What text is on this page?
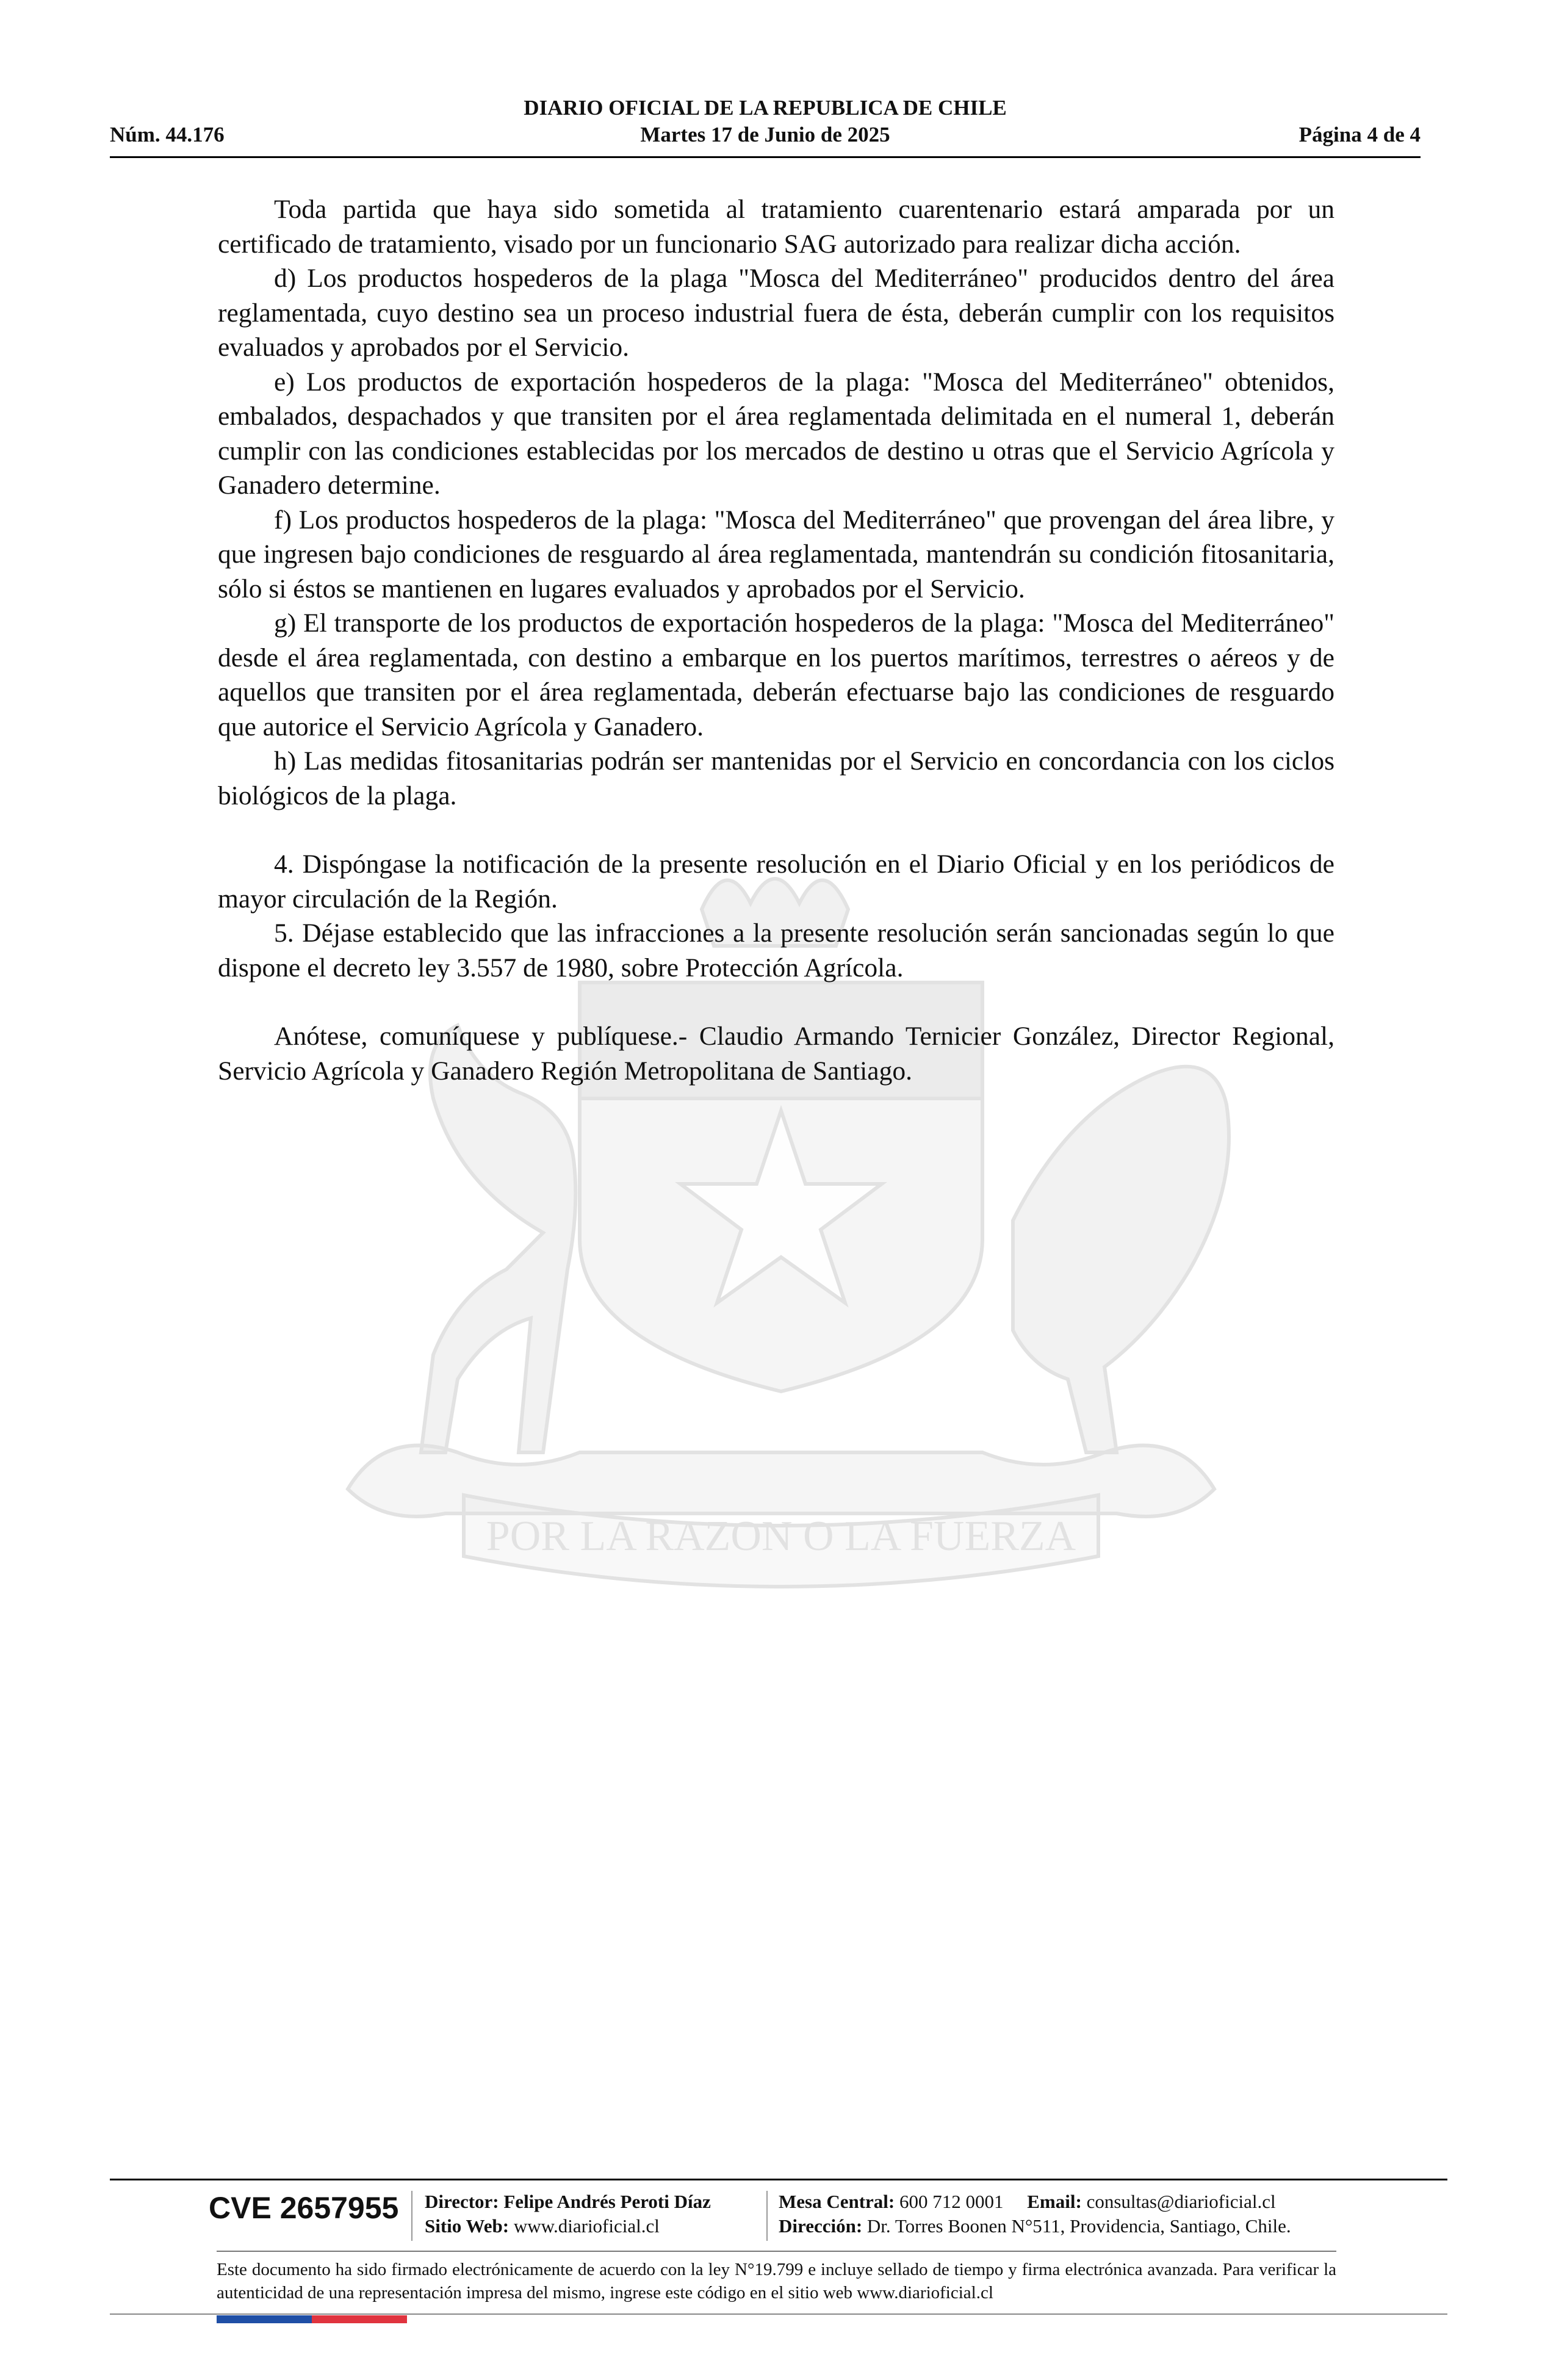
DIARIO OFICIAL DE LA REPUBLICA DE CHILE
Martes 17 de Junio de 2025
Núm. 44.176	Página 4 de 4
POR LA RAZON O LA FUERZA

Toda partida que haya sido sometida al tratamiento cuarentenario estará amparada por un certificado de tratamiento, visado por un funcionario SAG autorizado para realizar dicha acción.

d) Los productos hospederos de la plaga "Mosca del Mediterráneo" producidos dentro del área reglamentada, cuyo destino sea un proceso industrial fuera de ésta, deberán cumplir con los requisitos evaluados y aprobados por el Servicio.

e) Los productos de exportación hospederos de la plaga: "Mosca del Mediterráneo" obtenidos, embalados, despachados y que transiten por el área reglamentada delimitada en el numeral 1, deberán cumplir con las condiciones establecidas por los mercados de destino u otras que el Servicio Agrícola y Ganadero determine.

f) Los productos hospederos de la plaga: "Mosca del Mediterráneo" que provengan del área libre, y que ingresen bajo condiciones de resguardo al área reglamentada, mantendrán su condición fitosanitaria, sólo si éstos se mantienen en lugares evaluados y aprobados por el Servicio.

g) El transporte de los productos de exportación hospederos de la plaga: "Mosca del Mediterráneo" desde el área reglamentada, con destino a embarque en los puertos marítimos, terrestres o aéreos y de aquellos que transiten por el área reglamentada, deberán efectuarse bajo las condiciones de resguardo que autorice el Servicio Agrícola y Ganadero.

h) Las medidas fitosanitarias podrán ser mantenidas por el Servicio en concordancia con los ciclos biológicos de la plaga.

4. Dispóngase la notificación de la presente resolución en el Diario Oficial y en los periódicos de mayor circulación de la Región.

5. Déjase establecido que las infracciones a la presente resolución serán sancionadas según lo que dispone el decreto ley 3.557 de 1980, sobre Protección Agrícola.

Anótese, comuníquese y publíquese.- Claudio Armando Ternicier González, Director Regional, Servicio Agrícola y Ganadero Región Metropolitana de Santiago.

CVE 2657955 Director: Felipe Andrés Peroti Díaz
Sitio Web: www.diarioficial.cl
Mesa Central: 600 712 0001 Email: consultas@diarioficial.cl
Dirección: Dr. Torres Boonen N°511, Providencia, Santiago, Chile.
Este documento ha sido firmado electrónicamente de acuerdo con la ley N°19.799 e incluye sellado de tiempo y firma electrónica avanzada. Para verificar la autenticidad de una representación impresa del mismo, ingrese este código en el sitio web www.diarioficial.cl
